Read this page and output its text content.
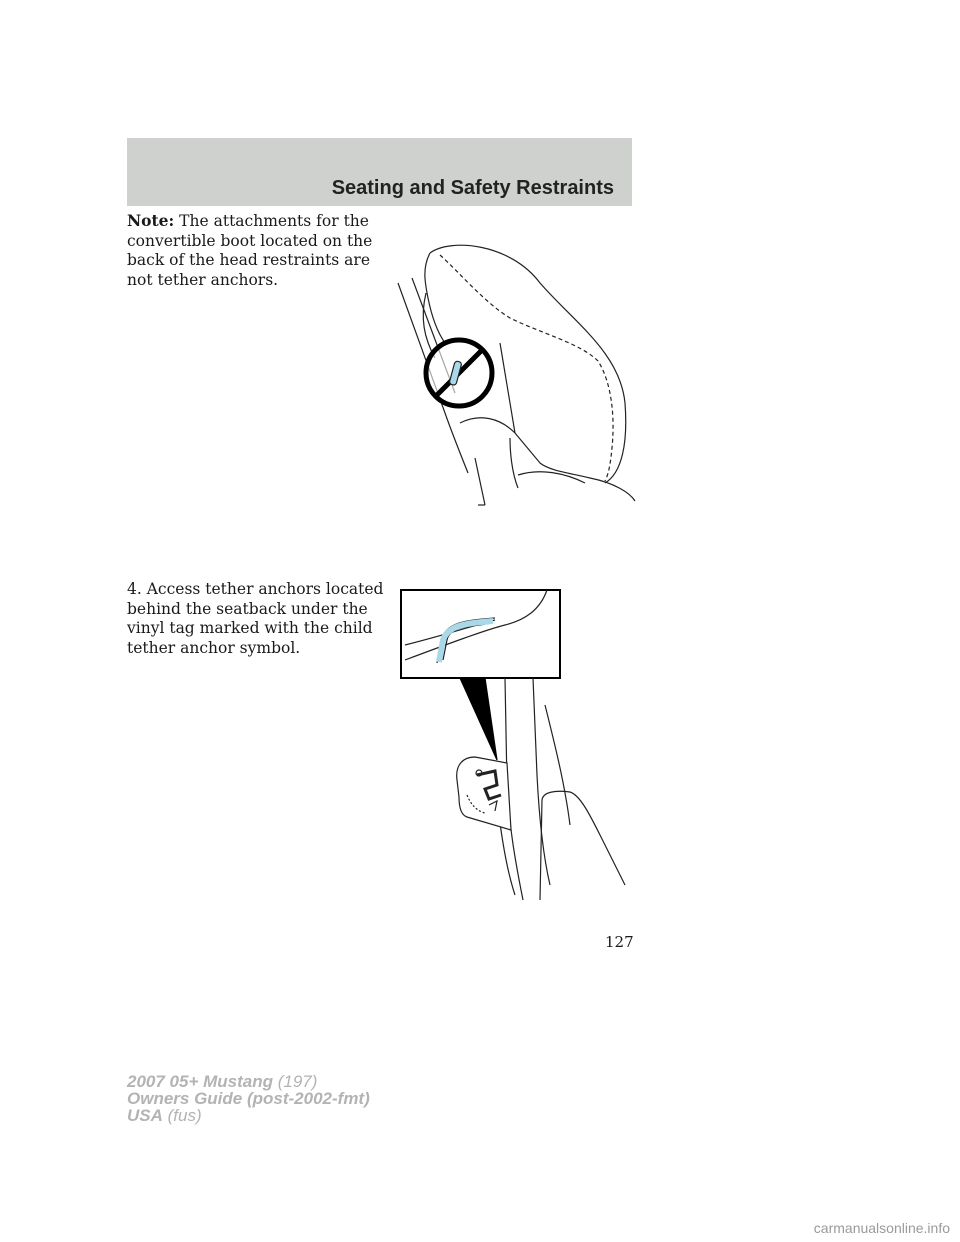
Seating and Safety Restraints
Note: The attachments for the convertible boot located on the back of the head restraints are not tether anchors.
4. Access tether anchors located behind the seatback under the vinyl tag marked with the child tether anchor symbol.
127
2007 05+ Mustang (197)
Owners Guide (post-2002-fmt)
USA (fus)
carmanualsonline.info
